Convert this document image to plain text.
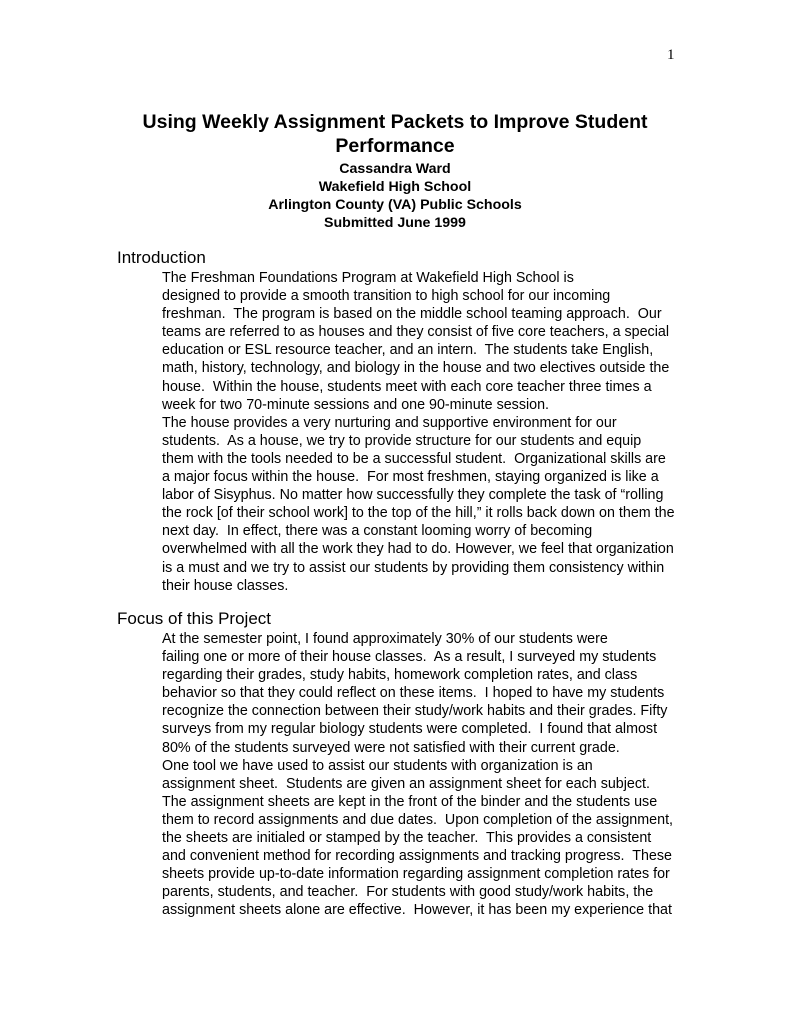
1
Using Weekly Assignment Packets to Improve Student Performance
Cassandra Ward
Wakefield High School
Arlington County (VA) Public Schools
Submitted June 1999
Introduction

The Freshman Foundations Program at Wakefield High School is
designed to provide a smooth transition to high school for our incoming
freshman.  The program is based on the middle school teaming approach.  Our
teams are referred to as houses and they consist of five core teachers, a special
education or ESL resource teacher, and an intern.  The students take English,
math, history, technology, and biology in the house and two electives outside the
house.  Within the house, students meet with each core teacher three times a
week for two 70-minute sessions and one 90-minute session.

The house provides a very nurturing and supportive environment for our
students.  As a house, we try to provide structure for our students and equip
them with the tools needed to be a successful student.  Organizational skills are
a major focus within the house.  For most freshmen, staying organized is like a
labor of Sisyphus. No matter how successfully they complete the task of “rolling
the rock [of their school work] to the top of the hill,” it rolls back down on them the
next day.  In effect, there was a constant looming worry of becoming
overwhelmed with all the work they had to do. However, we feel that organization
is a must and we try to assist our students by providing them consistency within
their house classes.

Focus of this Project

At the semester point, I found approximately 30% of our students were
failing one or more of their house classes.  As a result, I surveyed my students
regarding their grades, study habits, homework completion rates, and class
behavior so that they could reflect on these items.  I hoped to have my students
recognize the connection between their study/work habits and their grades. Fifty
surveys from my regular biology students were completed.  I found that almost
80% of the students surveyed were not satisfied with their current grade.

One tool we have used to assist our students with organization is an
assignment sheet.  Students are given an assignment sheet for each subject.
The assignment sheets are kept in the front of the binder and the students use
them to record assignments and due dates.  Upon completion of the assignment,
the sheets are initialed or stamped by the teacher.  This provides a consistent
and convenient method for recording assignments and tracking progress.  These
sheets provide up-to-date information regarding assignment completion rates for
parents, students, and teacher.  For students with good study/work habits, the
assignment sheets alone are effective.  However, it has been my experience that
